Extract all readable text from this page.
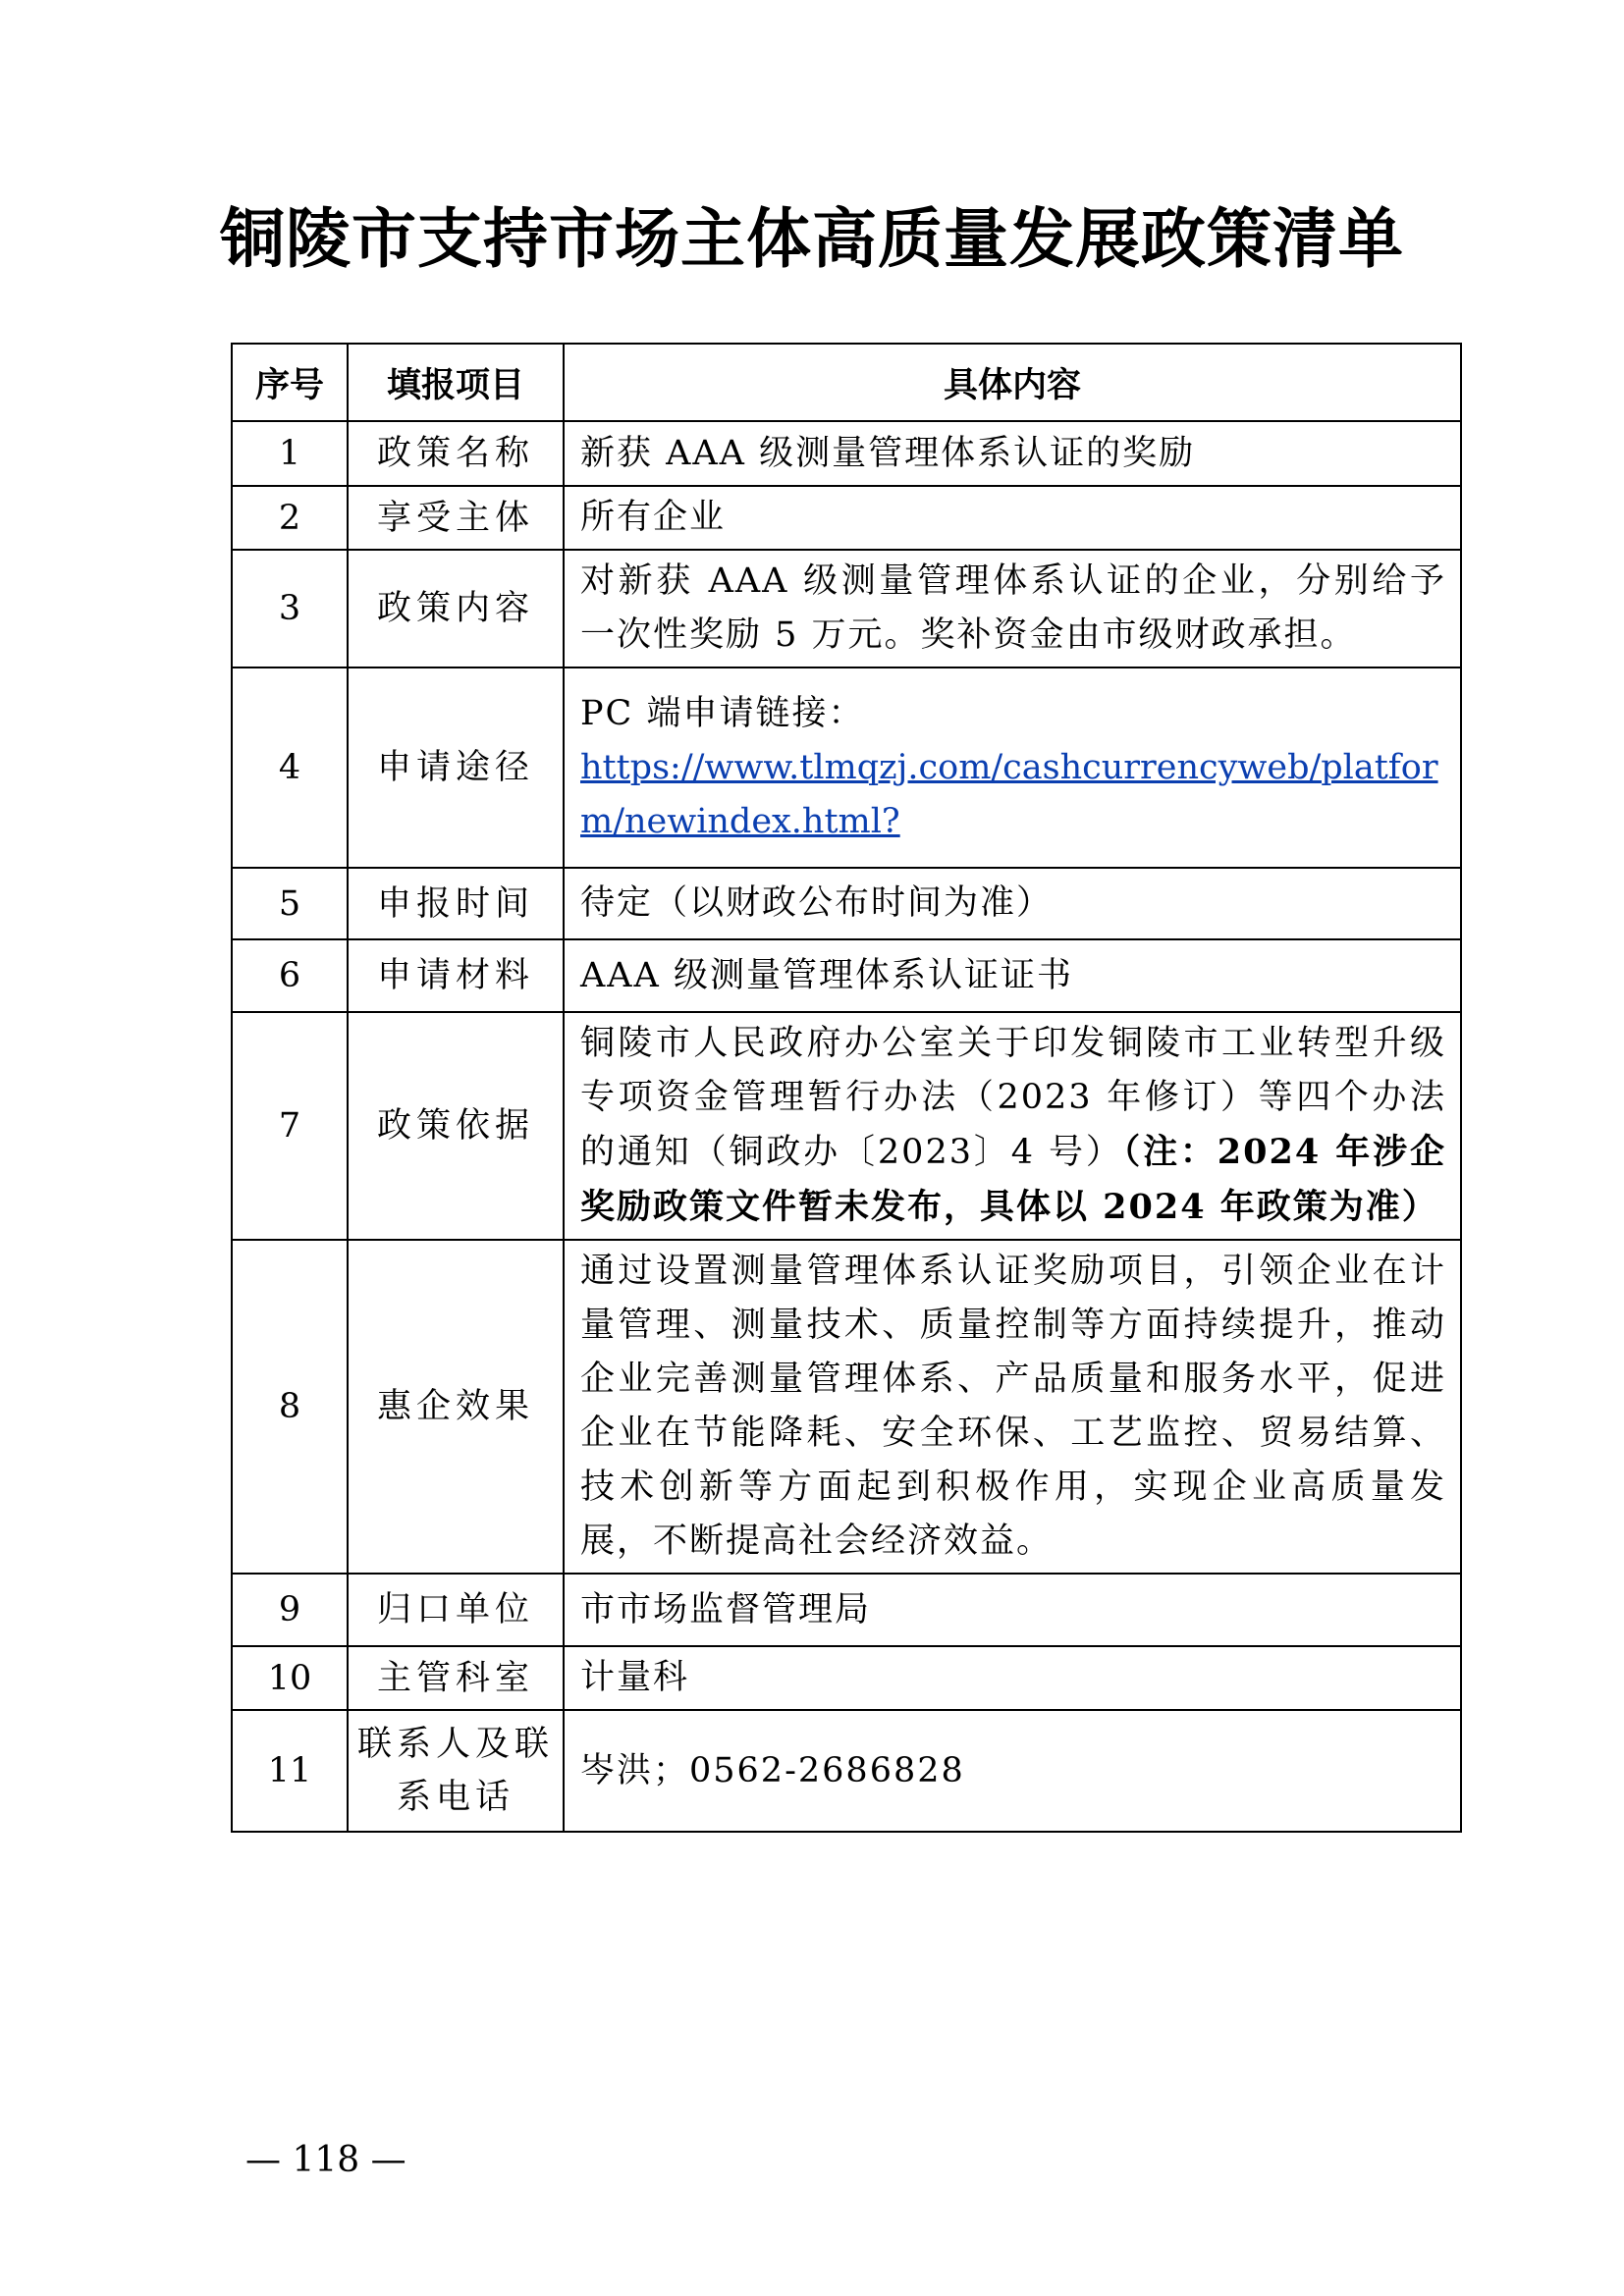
铜陵市支持市场主体高质量发展政策清单
序号	填报项目	具体内容
1	政策名称	新获 AAA 级测量管理体系认证的奖励
2	享受主体	所有企业
3	政策内容	对新获 AAA 级测量管理体系认证的企业，分别给予一次性奖励 5 万元。奖补资金由市级财政承担。
4	申请途径	PC 端申请链接：
https://www.tlmqzj.com/cashcurrencyweb/platform/newindex.html?

5	申报时间	待定（以财政公布时间为准）
6	申请材料	AAA 级测量管理体系认证证书
7	政策依据	铜陵市人民政府办公室关于印发铜陵市工业转型升级专项资金管理暂行办法（2023 年修订）等四个办法的通知（铜政办〔2023〕4 号）（注：2024 年涉企奖励政策文件暂未发布，具体以 2024 年政策为准）
8	惠企效果	通过设置测量管理体系认证奖励项目，引领企业在计量管理、测量技术、质量控制等方面持续提升，推动企业完善测量管理体系、产品质量和服务水平，促进企业在节能降耗、安全环保、工艺监控、贸易结算、技术创新等方面起到积极作用，实现企业高质量发展，不断提高社会经济效益。
9	归口单位	市市场监督管理局
10	主管科室	计量科
11	联系人及联系电话	岑洪；0562-2686828
— 118 —
